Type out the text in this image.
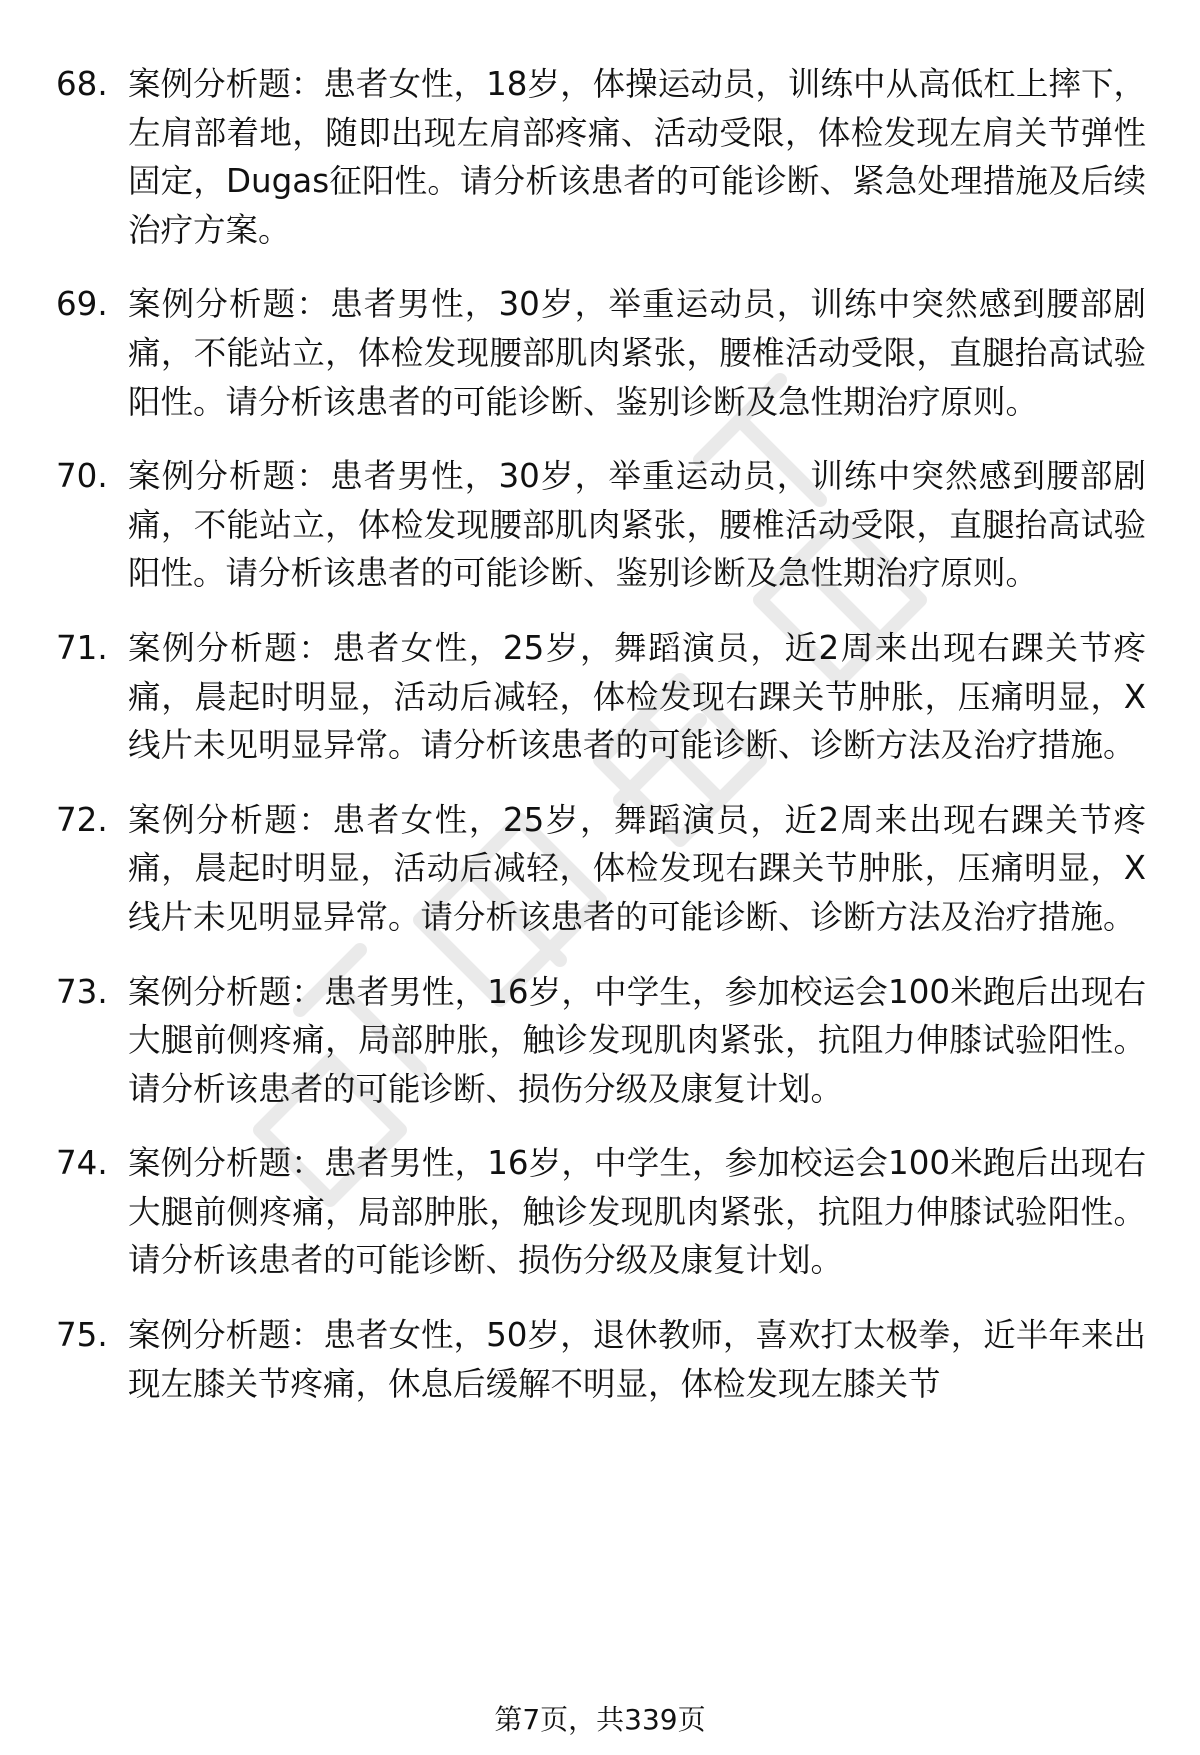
68. 案例分析题：患者女性，18岁，体操运动员，训练中从高低杠上摔下，左肩部着地，随即出现左肩部疼痛、活动受限，体检发现左肩关节弹性固定，Dugas征阳性。请分析该患者的可能诊断、紧急处理措施及后续治疗方案。
69. 案例分析题：患者男性，30岁，举重运动员，训练中突然感到腰部剧痛，不能站立，体检发现腰部肌肉紧张，腰椎活动受限，直腿抬高试验阳性。请分析该患者的可能诊断、鉴别诊断及急性期治疗原则。
70. 案例分析题：患者男性，30岁，举重运动员，训练中突然感到腰部剧痛，不能站立，体检发现腰部肌肉紧张，腰椎活动受限，直腿抬高试验阳性。请分析该患者的可能诊断、鉴别诊断及急性期治疗原则。
71. 案例分析题：患者女性，25岁，舞蹈演员，近2周来出现右踝关节疼痛，晨起时明显，活动后减轻，体检发现右踝关节肿胀，压痛明显，X线片未见明显异常。请分析该患者的可能诊断、诊断方法及治疗措施。
72. 案例分析题：患者女性，25岁，舞蹈演员，近2周来出现右踝关节疼痛，晨起时明显，活动后减轻，体检发现右踝关节肿胀，压痛明显，X线片未见明显异常。请分析该患者的可能诊断、诊断方法及治疗措施。
73. 案例分析题：患者男性，16岁，中学生，参加校运会100米跑后出现右大腿前侧疼痛，局部肿胀，触诊发现肌肉紧张，抗阻力伸膝试验阳性。请分析该患者的可能诊断、损伤分级及康复计划。
74. 案例分析题：患者男性，16岁，中学生，参加校运会100米跑后出现右大腿前侧疼痛，局部肿胀，触诊发现肌肉紧张，抗阻力伸膝试验阳性。请分析该患者的可能诊断、损伤分级及康复计划。
75. 案例分析题：患者女性，50岁，退休教师，喜欢打太极拳，近半年来出现左膝关节疼痛，休息后缓解不明显，体检发现左膝关节
第7页，共339页
